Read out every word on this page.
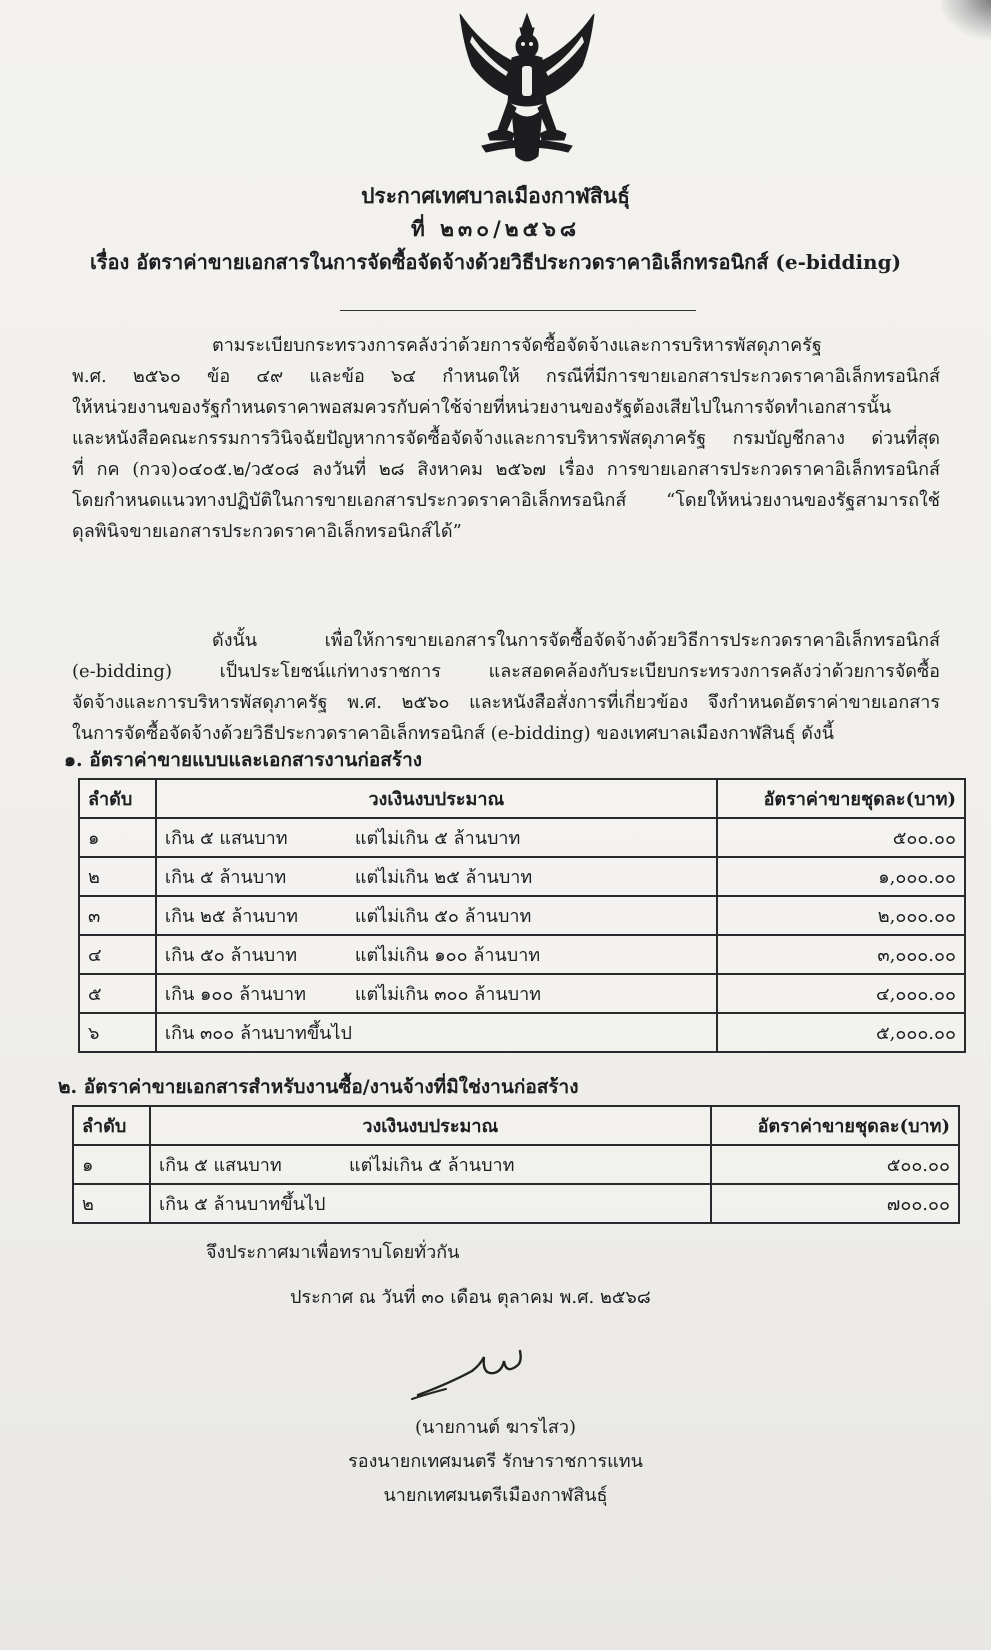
ประกาศเทศบาลเมืองกาฬสินธุ์
ที่ ๒๓๐/๒๕๖๘
เรื่อง อัตราค่าขายเอกสารในการจัดซื้อจัดจ้างด้วยวิธีประกวดราคาอิเล็กทรอนิกส์ (e-bidding)
ตามระเบียบกระทรวงการคลังว่าด้วยการจัดซื้อจัดจ้างและการบริหารพัสดุภาครัฐ
พ.ศ. ๒๕๖๐ ข้อ ๔๙ และข้อ ๖๔ กำหนดให้ กรณีที่มีการขายเอกสารประกวดราคาอิเล็กทรอนิกส์
ให้หน่วยงานของรัฐกำหนดราคาพอสมควรกับค่าใช้จ่ายที่หน่วยงานของรัฐต้องเสียไปในการจัดทำเอกสารนั้น
และหนังสือคณะกรรมการวินิจฉัยปัญหาการจัดซื้อจัดจ้างและการบริหารพัสดุภาครัฐ กรมบัญชีกลาง ด่วนที่สุด
ที่ กค (กวจ)๐๔๐๕.๒/ว๕๐๘ ลงวันที่ ๒๘ สิงหาคม ๒๕๖๗ เรื่อง การขายเอกสารประกวดราคาอิเล็กทรอนิกส์
โดยกำหนดแนวทางปฏิบัติในการขายเอกสารประกวดราคาอิเล็กทรอนิกส์ “โดยให้หน่วยงานของรัฐสามารถใช้
ดุลพินิจขายเอกสารประกวดราคาอิเล็กทรอนิกส์ได้”
ดังนั้น เพื่อให้การขายเอกสารในการจัดซื้อจัดจ้างด้วยวิธีการประกวดราคาอิเล็กทรอนิกส์
(e-bidding) เป็นประโยชน์แก่ทางราชการ และสอดคล้องกับระเบียบกระทรวงการคลังว่าด้วยการจัดซื้อ
จัดจ้างและการบริหารพัสดุภาครัฐ พ.ศ. ๒๕๖๐ และหนังสือสั่งการที่เกี่ยวข้อง จึงกำหนดอัตราค่าขายเอกสาร
ในการจัดซื้อจัดจ้างด้วยวิธีประกวดราคาอิเล็กทรอนิกส์ (e-bidding) ของเทศบาลเมืองกาฬสินธุ์ ดังนี้
๑. อัตราค่าขายแบบและเอกสารงานก่อสร้าง
ลำดับ	วงเงินงบประมาณ	อัตราค่าขายชุดละ(บาท)
๑	เกิน ๕ แสนบาท แต่ไม่เกิน ๕ ล้านบาท	๕๐๐.๐๐
๒	เกิน ๕ ล้านบาท แต่ไม่เกิน ๒๕ ล้านบาท	๑,๐๐๐.๐๐
๓	เกิน ๒๕ ล้านบาท แต่ไม่เกิน ๕๐ ล้านบาท	๒,๐๐๐.๐๐
๔	เกิน ๕๐ ล้านบาท แต่ไม่เกิน ๑๐๐ ล้านบาท	๓,๐๐๐.๐๐
๕	เกิน ๑๐๐ ล้านบาท แต่ไม่เกิน ๓๐๐ ล้านบาท	๔,๐๐๐.๐๐
๖	เกิน ๓๐๐ ล้านบาทขึ้นไป	๕,๐๐๐.๐๐
๒. อัตราค่าขายเอกสารสำหรับงานซื้อ/งานจ้างที่มิใช่งานก่อสร้าง
ลำดับ	วงเงินงบประมาณ	อัตราค่าขายชุดละ(บาท)
๑	เกิน ๕ แสนบาท แต่ไม่เกิน ๕ ล้านบาท	๕๐๐.๐๐
๒	เกิน ๕ ล้านบาทขึ้นไป	๗๐๐.๐๐
จึงประกาศมาเพื่อทราบโดยทั่วกัน
ประกาศ ณ วันที่ ๓๐ เดือน ตุลาคม พ.ศ. ๒๕๖๘
(นายกานต์ ฆารไสว)
รองนายกเทศมนตรี รักษาราชการแทน
นายกเทศมนตรีเมืองกาฬสินธุ์
